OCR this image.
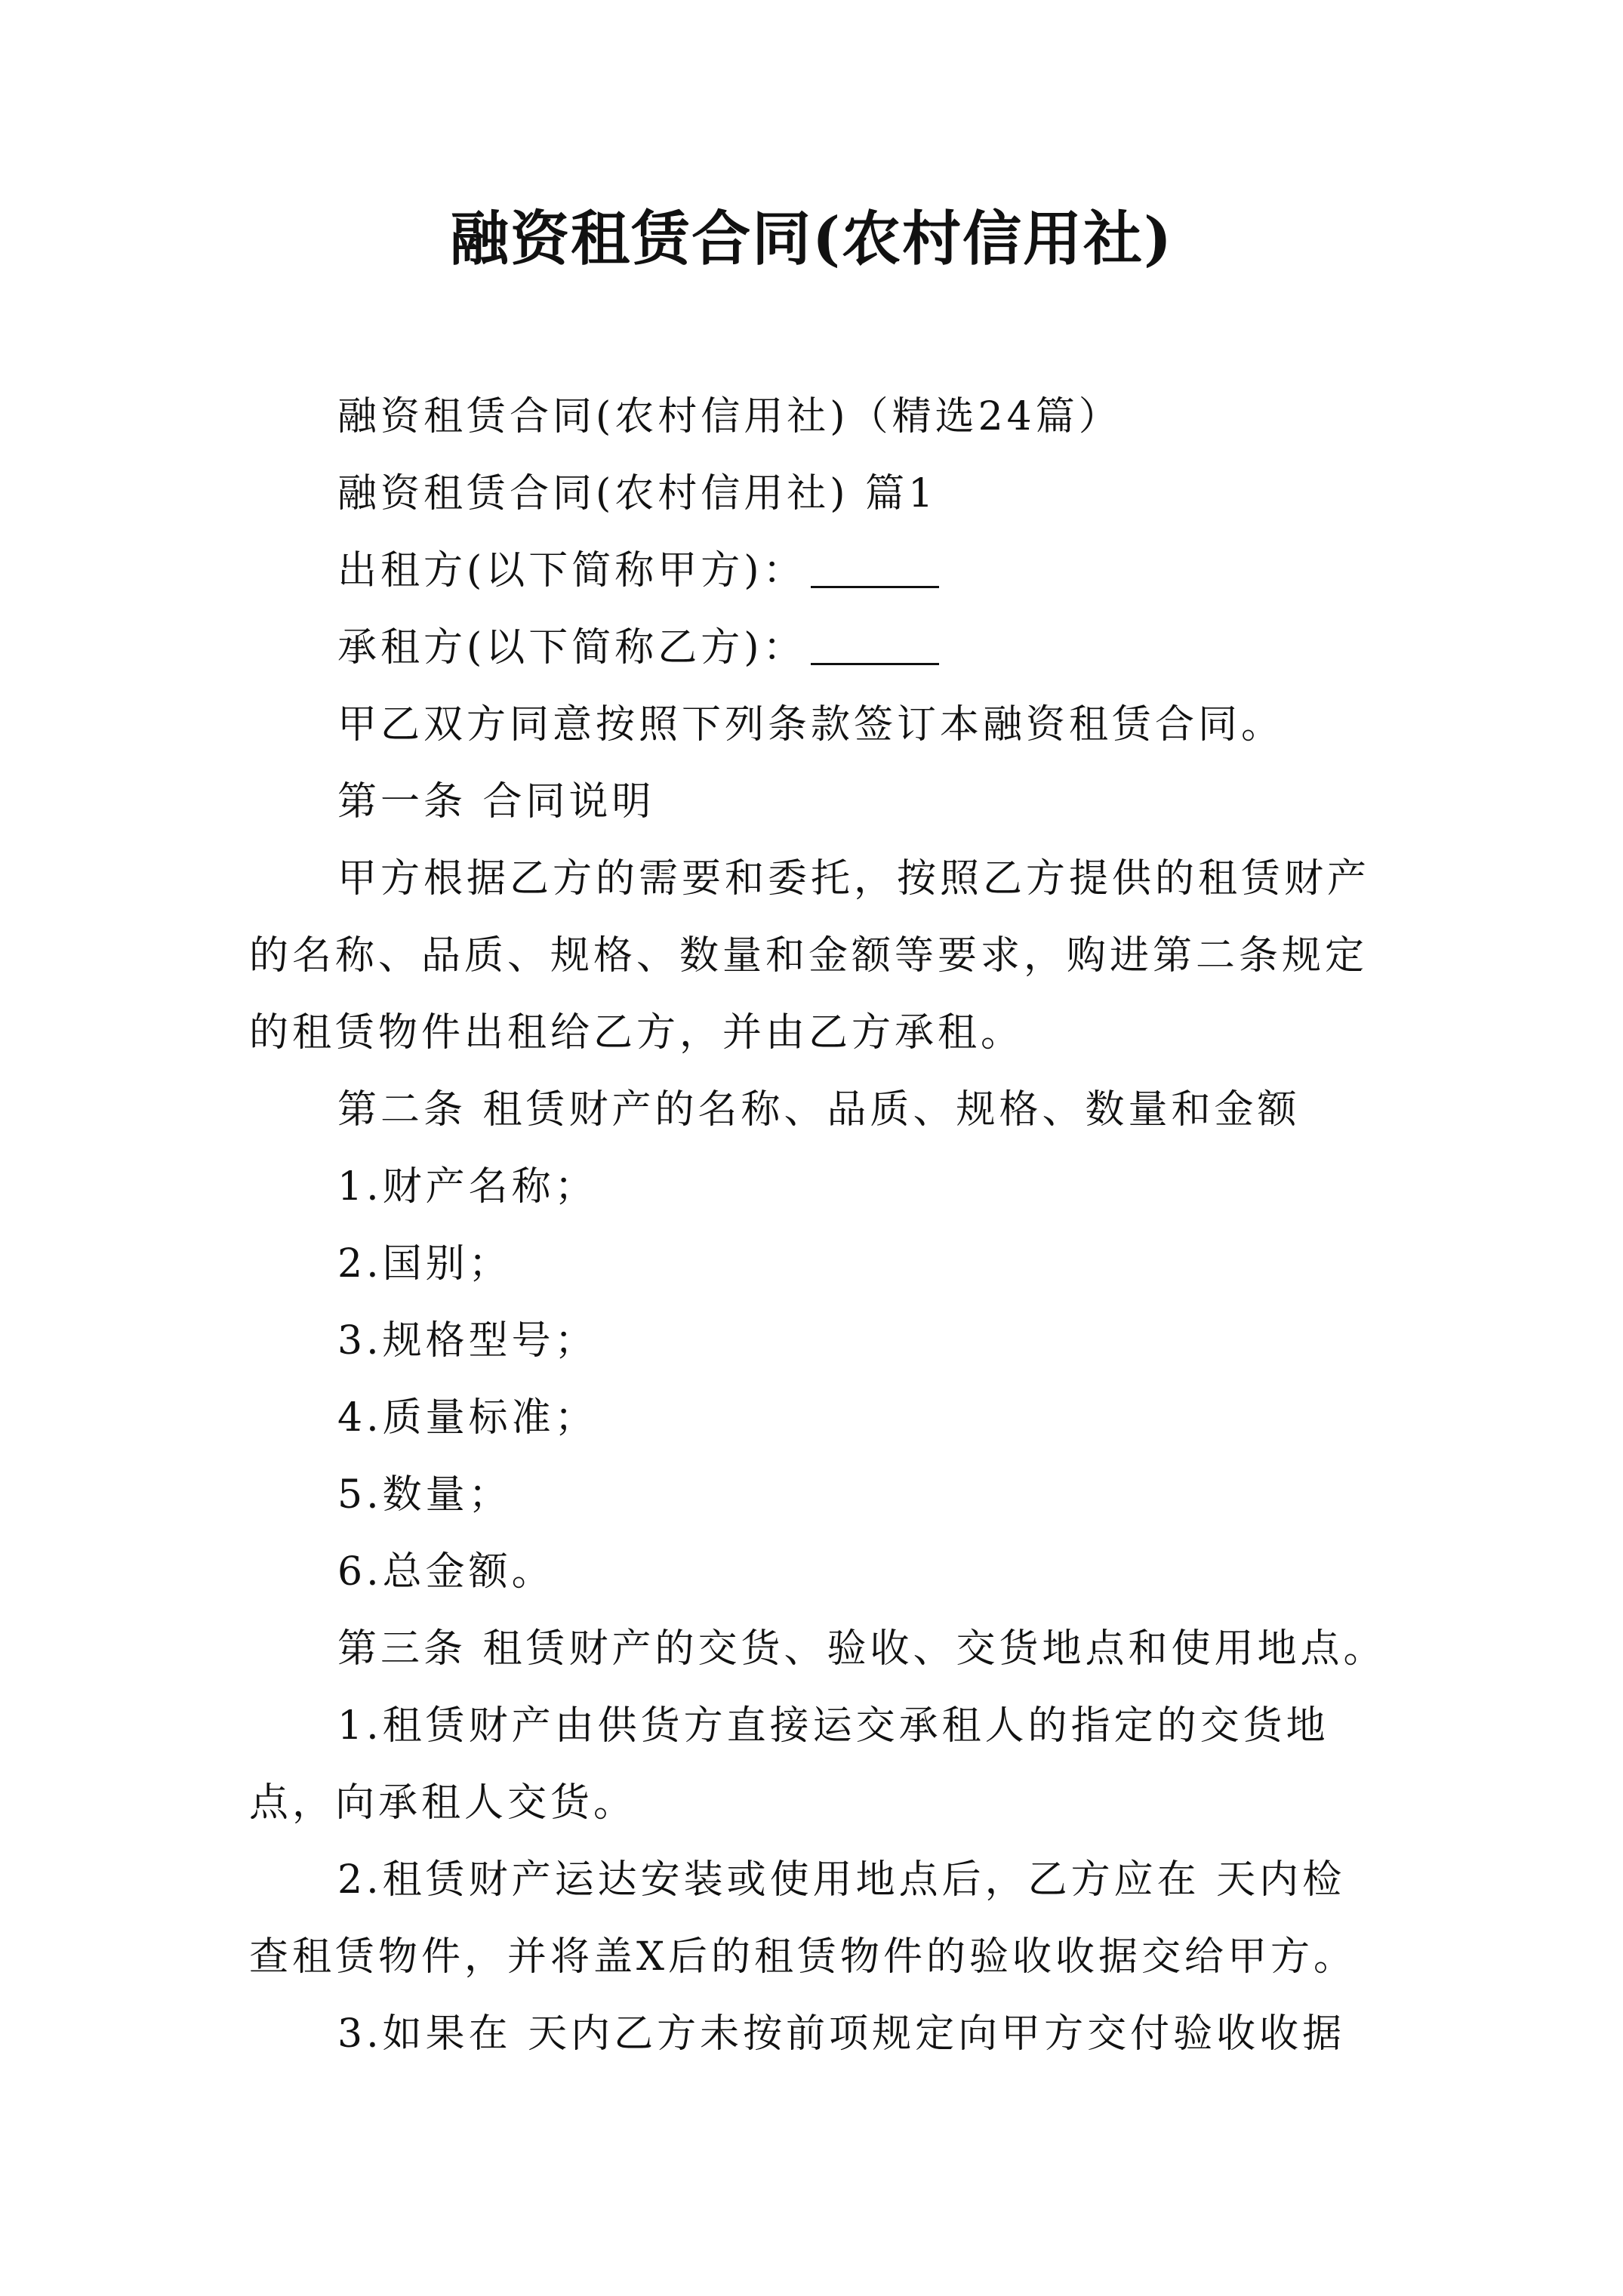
融资租赁合同(农村信用社)
融资租赁合同(农村信用社)（精选24篇）
融资租赁合同(农村信用社) 篇1
出租方(以下简称甲方)：
承租方(以下简称乙方)：
甲乙双方同意按照下列条款签订本融资租赁合同。
第一条 合同说明
甲方根据乙方的需要和委托，按照乙方提供的租赁财产
的名称、品质、规格、数量和金额等要求，购进第二条规定
的租赁物件出租给乙方，并由乙方承租。
第二条 租赁财产的名称、品质、规格、数量和金额
1.财产名称；
2.国别；
3.规格型号；
4.质量标准；
5.数量；
6.总金额。
第三条 租赁财产的交货、验收、交货地点和使用地点。
1.租赁财产由供货方直接运交承租人的指定的交货地
点，向承租人交货。
2.租赁财产运达安装或使用地点后，乙方应在 天内检
查租赁物件，并将盖X后的租赁物件的验收收据交给甲方。
3.如果在 天内乙方未按前项规定向甲方交付验收收据
